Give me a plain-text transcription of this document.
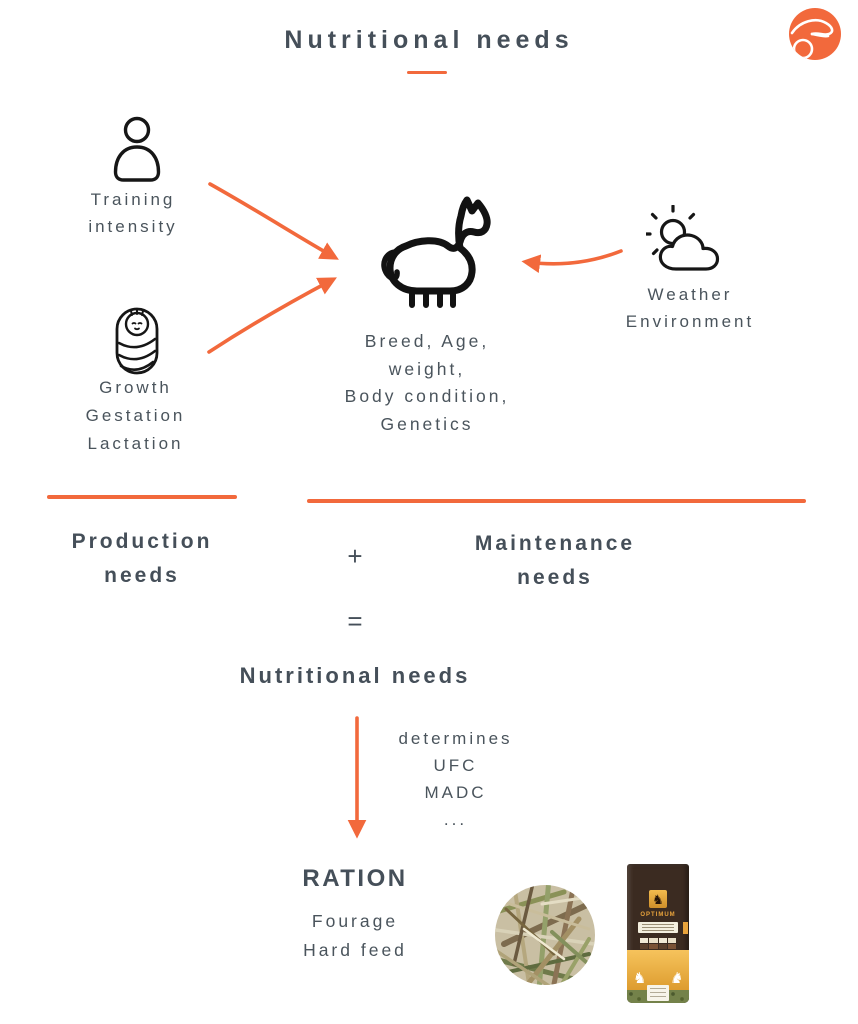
Nutritional needs
Training
intensity
Growth
Gestation
Lactation
Breed, Age,
weight,
Body condition,
Genetics
Weather
Environment
Production
needs
+	Maintenance
needs
=
Nutritional needs
determines
UFC
MADC
...
RATION
Fourage
Hard feed
♞
OPTIMUM
♞ ♞
